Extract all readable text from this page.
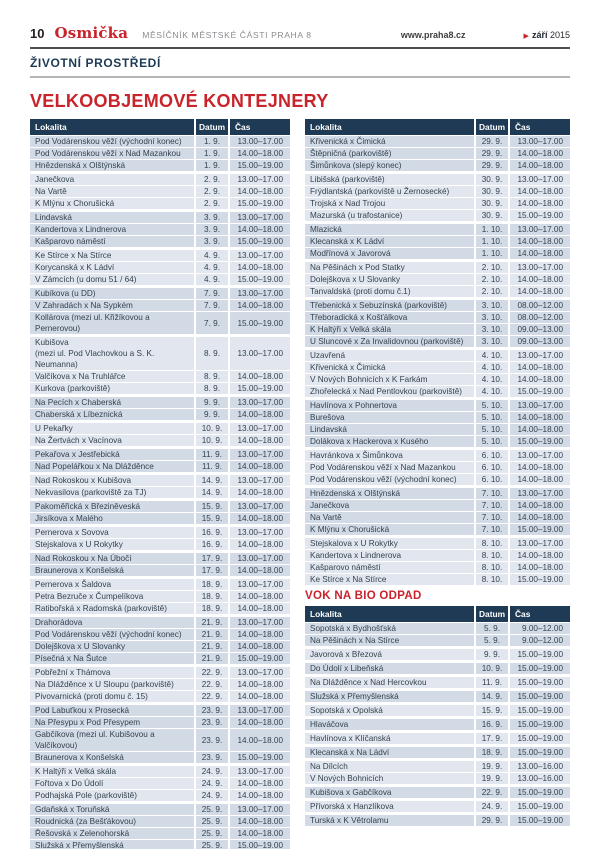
10 Osmička MĚSÍČNÍK MĚSTSKÉ ČÁSTI PRAHA 8	www.praha8.cz	▶ září 2015
ŽIVOTNÍ PROSTŘEDÍ
VELKOOBJEMOVÉ KONTEJNERY
Lokalita	Datum	Čas
Pod Vodárenskou věží (východní konec)	1. 9.	13.00–17.00
Pod Vodárenskou věží x Nad Mazankou	1. 9.	14.00–18.00
Hnězdenská x Olštýnská	1. 9.	15.00–19.00
Janečkova	2. 9.	13.00–17.00
Na Vartě	2. 9.	14.00–18.00
K Mlýnu x Chorušická	2. 9.	15.00–19.00
Lindavská	3. 9.	13.00–17.00
Kandertova x Lindnerova	3. 9.	14.00–18.00
Kašparovo náměstí	3. 9.	15.00–19.00
Ke Stírce x Na Stírce	4. 9.	13.00–17.00
Korycanská x K Ládví	4. 9.	14.00–18.00
V Zámcích (u domu 51 / 64)	4. 9.	15.00–19.00
Kubíkova (u DD)	7. 9.	13.00–17.00
V Zahradách x Na Sypkém	7. 9.	14.00–18.00
Kollárova (mezi ul. Křižíkovou a Pernerovou)	7. 9.	15.00–19.00
Kubišova
(mezi ul. Pod Vlachovkou a S. K. Neumanna)	8. 9.	13.00–17.00
Valčíkova x Na Truhlářce	8. 9.	14.00–18.00
Kurkova (parkoviště)	8. 9.	15.00–19.00
Na Pecích x Chaberská	9. 9.	13.00–17.00
Chaberská x Líbeznická	9. 9.	14.00–18.00
U Pekařky	10. 9.	13.00–17.00
Na Žertvách x Vacínova	10. 9.	14.00–18.00
Pekařova x Jestřebická	11. 9.	13.00–17.00
Nad Popelářkou x Na Dlážděnce	11. 9.	14.00–18.00
Nad Rokoskou x Kubišova	14. 9.	13.00–17.00
Nekvasilova (parkoviště za TJ)	14. 9.	14.00–18.00
Pakoměřická x Březiněveská	15. 9.	13.00–17.00
Jirsíkova x Malého	15. 9.	14.00–18.00
Pernerova x Sovova	16. 9.	13.00–17.00
Stejskalova x U Rokytky	16. 9.	14.00–18.00
Nad Rokoskou x Na Úbočí	17. 9.	13.00–17.00
Braunerova x Konšelská	17. 9.	14.00–18.00
Pernerova x Šaldova	18. 9.	13.00–17.00
Petra Bezruče x Čumpelíkova	18. 9.	14.00–18.00
Ratibořská x Radomská (parkoviště)	18. 9.	14.00–18.00
Drahorádova	21. 9.	13.00–17.00
Pod Vodárenskou věží (východní konec)	21. 9.	14.00–18.00
Dolejškova x U Slovanky	21. 9.	14.00–18.00
Písečná x Na Šutce	21. 9.	15.00–19.00
Pobřežní x Thámova	22. 9.	13.00–17.00
Na Dlážděnce x U Sloupu (parkoviště)	22. 9.	14.00–18.00
Pivovarnická (proti domu č. 15)	22. 9.	14.00–18.00
Pod Labuťkou x Prosecká	23. 9.	13.00–17.00
Na Přesypu x Pod Přesypem	23. 9.	14.00–18.00
Gabčíkova (mezi ul. Kubišovou a Valčíkovou)	23. 9.	14.00–18.00
Braunerova x Konšelská	23. 9.	15.00–19.00
K Haltýři x Velká skála	24. 9.	13.00–17.00
Fořtova x Do Údolí	24. 9.	14.00–18.00
Podhajská Pole (parkoviště)	24. 9.	14.00–18.00
Gdaňská x Toruňská	25. 9.	13.00–17.00
Roudnická (za Bešťákovou)	25. 9.	14.00–18.00
Řešovská x Zelenohorská	25. 9.	14.00–18.00
Služská x Přemyšlenská	25. 9.	15.00–19.00
Lokalita	Datum	Čas
Křivenická x Čimická	29. 9.	13.00–17.00
Štěpničná (parkoviště)	29. 9.	14.00–18.00
Šimůnkova (slepý konec)	29. 9.	14.00–18.00
Libišská (parkoviště)	30. 9.	13.00–17.00
Frýdlantská (parkoviště u Žernosecké)	30. 9.	14.00–18.00
Trojská x Nad Trojou	30. 9.	14.00–18.00
Mazurská (u trafostanice)	30. 9.	15.00–19.00
Mlazická	1. 10.	13.00–17.00
Klecanská x K Ládví	1. 10.	14.00–18.00
Modřínová x Javorová	1. 10.	14.00–18.00
Na Pěšinách x Pod Statky	2. 10.	13.00–17.00
Dolejškova x U Slovanky	2. 10.	14.00–18.00
Tanvaldská (proti domu č.1)	2. 10.	14.00–18.00
Třebenická x Sebuzínská (parkoviště)	3. 10.	08.00–12.00
Třeboradická x Košťálkova	3. 10.	08.00–12.00
K Haltýři x Velká skála	3. 10.	09.00–13.00
U Sluncové x Za Invalidovnou (parkoviště)	3. 10.	09.00–13.00
Uzavřená	4. 10.	13.00–17.00
Křivenická x Čimická	4. 10.	14.00–18.00
V Nových Bohnicích x K Farkám	4. 10.	14.00–18.00
Zhořelecká x Nad Pentlovkou (parkoviště)	4. 10.	15.00–19.00
Havlínova x Pohnertova	5. 10.	13.00–17.00
Burešova	5. 10.	14.00–18.00
Lindavská	5. 10.	14.00–18.00
Dolákova x Hackerova x Kusého	5. 10.	15.00–19.00
Havránkova x Šimůnkova	6. 10.	13.00–17.00
Pod Vodárenskou věží x Nad Mazankou	6. 10.	14.00–18.00
Pod Vodárenskou věží (východní konec)	6. 10.	14.00–18.00
Hnězdenská x Olštýnská	7. 10.	13.00–17.00
Janečkova	7. 10.	14.00–18.00
Na Vartě	7. 10.	14.00–18.00
K Mlýnu x Chorušická	7. 10.	15.00–19.00
Stejskalova x U Rokytky	8. 10.	13.00–17.00
Kandertova x Lindnerova	8. 10.	14.00–18.00
Kašparovo náměstí	8. 10.	14.00–18.00
Ke Stírce x Na Stírce	8. 10.	15.00–19.00
VOK NA BIO ODPAD
Lokalita	Datum	Čas
Sopotská x Bydhošťská	5. 9.	9.00–12.00
Na Pěšinách x Na Stírce	5. 9.	9.00–12.00
Javorová x Březová	9. 9.	15.00–19.00
Do Údolí x Libeňská	10. 9.	15.00–19.00
Na Dlážděnce x Nad Hercovkou	11. 9.	15.00–19.00
Služská x Přemyšlenská	14. 9.	15.00–19.00
Sopotská x Opolská	15. 9.	15.00–19.00
Hlaváčova	16. 9.	15.00–19.00
Havlínova x Klíčanská	17. 9.	15.00–19.00
Klecanská x Na Ládví	18. 9.	15.00–19.00
Na Dílcích	19. 9.	13.00–16.00
V Nových Bohnicích	19. 9.	13.00–16.00
Kubišova x Gabčíkova	22. 9.	15.00–19.00
Přívorská x Hanzlíkova	24. 9.	15.00–19.00
Turská x K Větrolamu	29. 9.	15.00–19.00
